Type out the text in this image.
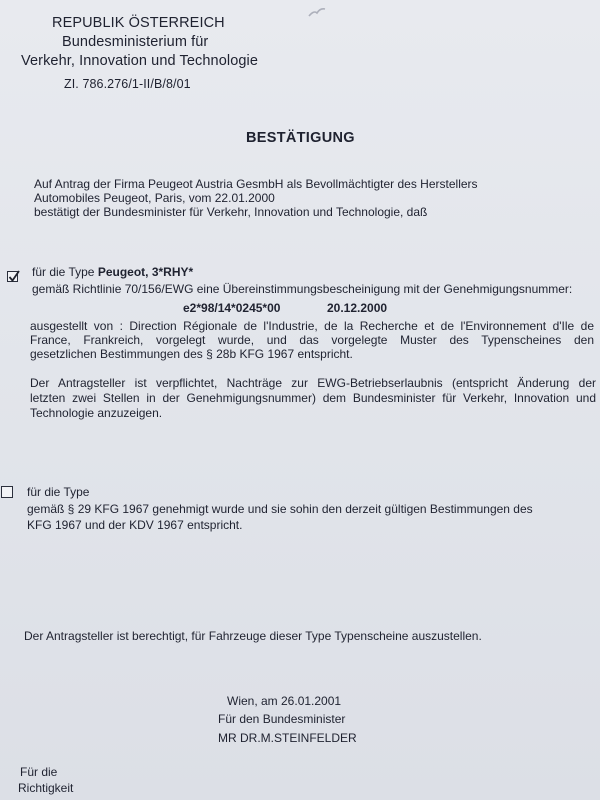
REPUBLIK ÖSTERREICH
Bundesministerium für
Verkehr, Innovation und Technologie
ZI. 786.276/1-II/B/8/01
BESTÄTIGUNG
Auf Antrag der Firma Peugeot Austria GesmbH als Bevollmächtigter des Herstellers
Automobiles Peugeot, Paris, vom 22.01.2000
bestätigt der Bundesminister für Verkehr, Innovation und Technologie, daß
für die Type Peugeot, 3*RHY*
gemäß Richtlinie 70/156/EWG eine Übereinstimmungsbescheinigung mit der Genehmigungsnummer:
e2*98/14*0245*00	20.12.2000
ausgestellt von : Direction Régionale de l'Industrie, de la Recherche et de l'Environnement d'Ile de
France, Frankreich, vorgelegt wurde, und das vorgelegte Muster des Typenscheines den
gesetzlichen Bestimmungen des § 28b KFG 1967 entspricht.
Der Antragsteller ist verpflichtet, Nachträge zur EWG-Betriebserlaubnis (entspricht Änderung der
letzten zwei Stellen in der Genehmigungsnummer) dem Bundesminister für Verkehr, Innovation und
Technologie anzuzeigen.
für die Type
gemäß § 29 KFG 1967 genehmigt wurde und sie sohin den derzeit gültigen Bestimmungen des
KFG 1967 und der KDV 1967 entspricht.
Der Antragsteller ist berechtigt, für Fahrzeuge dieser Type Typenscheine auszustellen.
Wien, am 26.01.2001
Für den Bundesminister
MR DR.M.STEINFELDER
Für die
Richtigkeit
